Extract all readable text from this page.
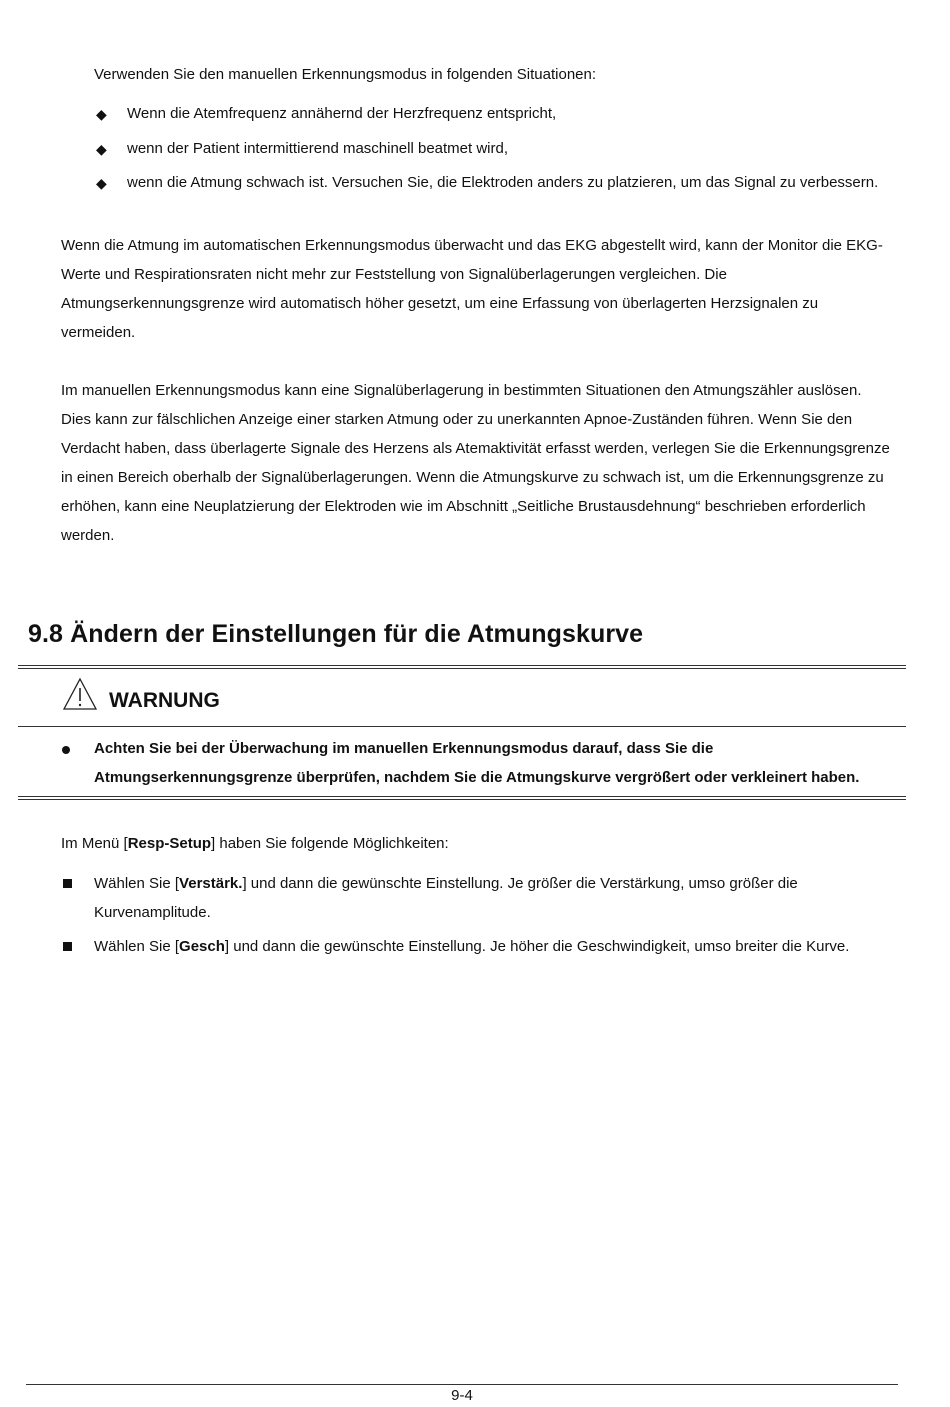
Verwenden Sie den manuellen Erkennungsmodus in folgenden Situationen:
◆ Wenn die Atemfrequenz annähernd der Herzfrequenz entspricht,
◆ wenn der Patient intermittierend maschinell beatmet wird,
◆ wenn die Atmung schwach ist. Versuchen Sie, die Elektroden anders zu platzieren, um das Signal zu verbessern.

Wenn die Atmung im automatischen Erkennungsmodus überwacht und das EKG abgestellt wird, kann der Monitor die EKG-Werte und Respirationsraten nicht mehr zur Feststellung von Signalüberlagerungen vergleichen. Die Atmungserkennungsgrenze wird automatisch höher gesetzt, um eine Erfassung von überlagerten Herzsignalen zu vermeiden.

Im manuellen Erkennungsmodus kann eine Signalüberlagerung in bestimmten Situationen den Atmungszähler auslösen. Dies kann zur fälschlichen Anzeige einer starken Atmung oder zu unerkannten Apnoe-Zuständen führen. Wenn Sie den Verdacht haben, dass überlagerte Signale des Herzens als Atemaktivität erfasst werden, verlegen Sie die Erkennungsgrenze in einen Bereich oberhalb der Signalüberlagerungen. Wenn die Atmungskurve zu schwach ist, um die Erkennungsgrenze zu erhöhen, kann eine Neuplatzierung der Elektroden wie im Abschnitt „Seitliche Brustausdehnung“ beschrieben erforderlich werden.

9.8 Ändern der Einstellungen für die Atmungskurve
WARNUNG
Achten Sie bei der Überwachung im manuellen Erkennungsmodus darauf, dass Sie die Atmungserkennungsgrenze überprüfen, nachdem Sie die Atmungskurve vergrößert oder verkleinert haben.
Im Menü [Resp-Setup] haben Sie folgende Möglichkeiten:
Wählen Sie [Verstärk.] und dann die gewünschte Einstellung. Je größer die Verstärkung, umso größer die Kurvenamplitude.
Wählen Sie [Gesch] und dann die gewünschte Einstellung. Je höher die Geschwindigkeit, umso breiter die Kurve.
9-4
